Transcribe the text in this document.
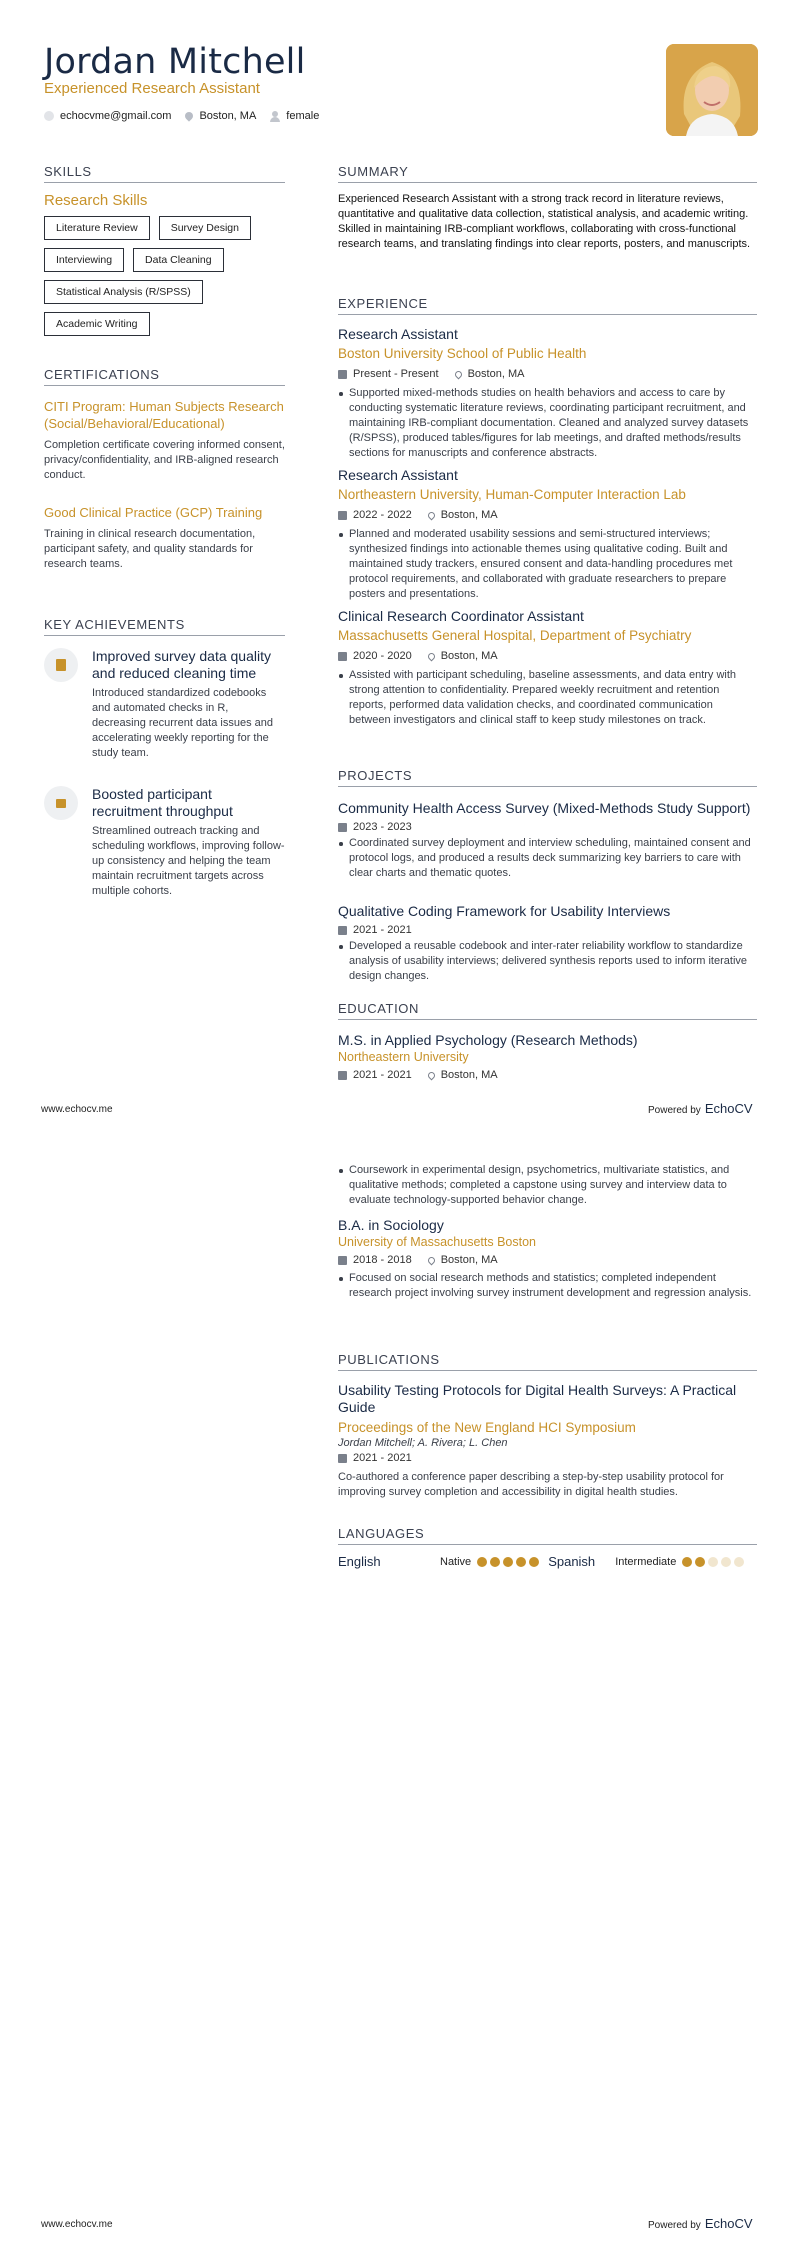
Jordan Mitchell
Experienced Research Assistant
echocvme@gmail.com	Boston, MA	female
SKILLS
Research Skills
Literature Review	Survey Design
Interviewing	Data Cleaning
Statistical Analysis (R/SPSS)
Academic Writing
CERTIFICATIONS
CITI Program: Human Subjects Research (Social/Behavioral/Educational)
Completion certificate covering informed consent, privacy/confidentiality, and IRB-aligned research conduct.
Good Clinical Practice (GCP) Training
Training in clinical research documentation, participant safety, and quality standards for research teams.
KEY ACHIEVEMENTS
Improved survey data quality and reduced cleaning time
Introduced standardized codebooks and automated checks in R, decreasing recurrent data issues and accelerating weekly reporting for the study team.
Boosted participant recruitment throughput
Streamlined outreach tracking and scheduling workflows, improving follow-up consistency and helping the team maintain recruitment targets across multiple cohorts.
SUMMARY
Experienced Research Assistant with a strong track record in literature reviews, quantitative and qualitative data collection, statistical analysis, and academic writing. Skilled in maintaining IRB-compliant workflows, collaborating with cross-functional research teams, and translating findings into clear reports, posters, and manuscripts.
EXPERIENCE
Research Assistant
Boston University School of Public Health
Present - Present	Boston, MA
Supported mixed-methods studies on health behaviors and access to care by conducting systematic literature reviews, coordinating participant recruitment, and maintaining IRB-compliant documentation. Cleaned and analyzed survey datasets (R/SPSS), produced tables/figures for lab meetings, and drafted methods/results sections for manuscripts and conference abstracts.
Research Assistant
Northeastern University, Human-Computer Interaction Lab
2022 - 2022	Boston, MA
Planned and moderated usability sessions and semi-structured interviews; synthesized findings into actionable themes using qualitative coding. Built and maintained study trackers, ensured consent and data-handling procedures met protocol requirements, and collaborated with graduate researchers to prepare posters and presentations.
Clinical Research Coordinator Assistant
Massachusetts General Hospital, Department of Psychiatry
2020 - 2020	Boston, MA
Assisted with participant scheduling, baseline assessments, and data entry with strong attention to confidentiality. Prepared weekly recruitment and retention reports, performed data validation checks, and coordinated communication between investigators and clinical staff to keep study milestones on track.
PROJECTS
Community Health Access Survey (Mixed-Methods Study Support)
2023 - 2023
Coordinated survey deployment and interview scheduling, maintained consent and protocol logs, and produced a results deck summarizing key barriers to care with clear charts and thematic quotes.
Qualitative Coding Framework for Usability Interviews
2021 - 2021
Developed a reusable codebook and inter-rater reliability workflow to standardize analysis of usability interviews; delivered synthesis reports used to inform iterative design changes.
EDUCATION
M.S. in Applied Psychology (Research Methods)
Northeastern University
2021 - 2021	Boston, MA
www.echocv.me	Powered by EchoCV
Coursework in experimental design, psychometrics, multivariate statistics, and qualitative methods; completed a capstone using survey and interview data to evaluate technology-supported behavior change.
B.A. in Sociology
University of Massachusetts Boston
2018 - 2018	Boston, MA
Focused on social research methods and statistics; completed independent research project involving survey instrument development and regression analysis.
PUBLICATIONS
Usability Testing Protocols for Digital Health Surveys: A Practical Guide
Proceedings of the New England HCI Symposium
Jordan Mitchell; A. Rivera; L. Chen
2021 - 2021
Co-authored a conference paper describing a step-by-step usability protocol for improving survey completion and accessibility in digital health studies.
LANGUAGES
English	Native	Spanish	Intermediate
www.echocv.me	Powered by EchoCV
